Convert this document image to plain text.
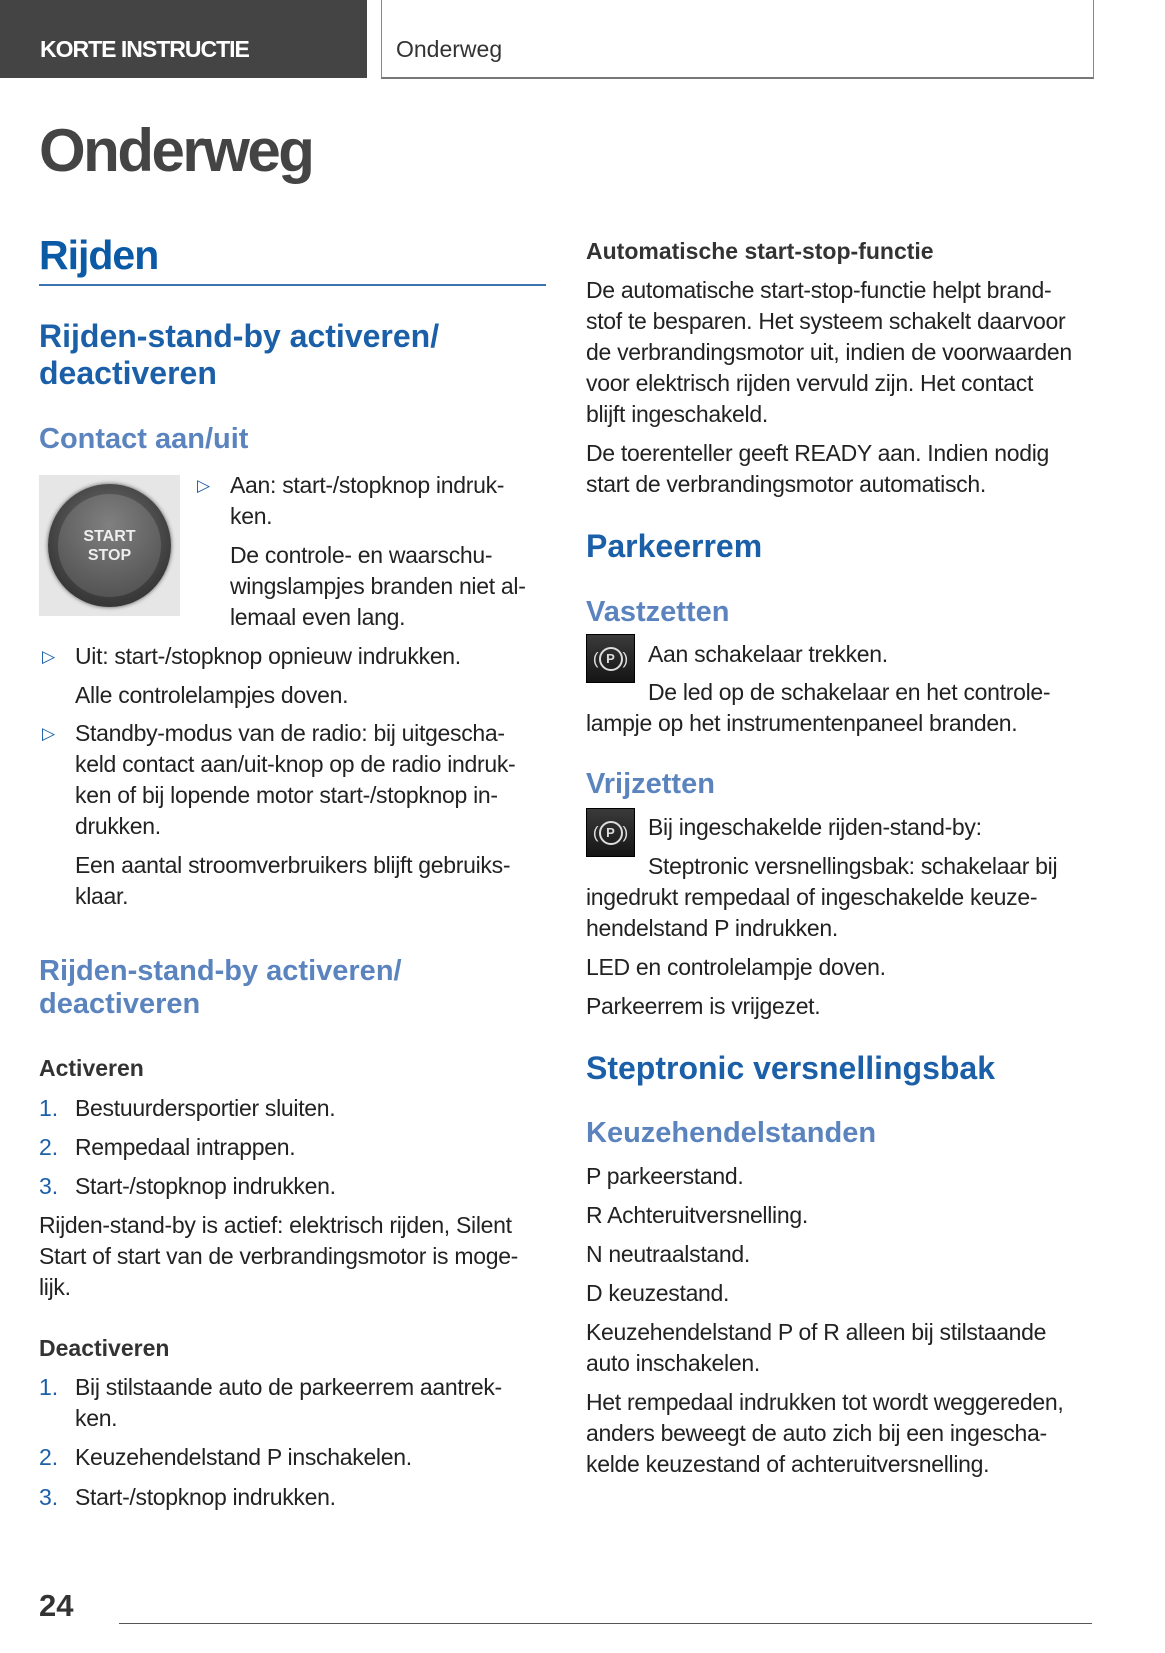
KORTE INSTRUCTIE	Onderweg
Onderweg
Rijden
Rijden-stand-by activeren/
deactiveren
Contact aan/uit
START
STOP
▷ Aan: start-/stopknop indruk-
ken.
De controle- en waarschu-
wingslampjes branden niet al-
lemaal even lang.
▷ Uit: start-/stopknop opnieuw indrukken.
Alle controlelampjes doven.
▷ Standby-modus van de radio: bij uitgescha-
keld contact aan/uit-knop op de radio indruk-
ken of bij lopende motor start-/stopknop in-
drukken.
Een aantal stroomverbruikers blijft gebruiks-
klaar.
Rijden-stand-by activeren/
deactiveren
Activeren
1. Bestuurdersportier sluiten.
2. Rempedaal intrappen.
3. Start-/stopknop indrukken.
Rijden-stand-by is actief: elektrisch rijden, Silent
Start of start van de verbrandingsmotor is moge-
lijk.
Deactiveren
1. Bij stilstaande auto de parkeerrem aantrek-
ken.
2. Keuzehendelstand P inschakelen.
3. Start-/stopknop indrukken.
Automatische start-stop-functie
De automatische start-stop-functie helpt brand-
stof te besparen. Het systeem schakelt daarvoor
de verbrandingsmotor uit, indien de voorwaarden
voor elektrisch rijden vervuld zijn. Het contact
blijft ingeschakeld.
De toerenteller geeft READY aan. Indien nodig
start de verbrandingsmotor automatisch.
Parkeerrem
Vastzetten
( P ) Aan schakelaar trekken.
De led op de schakelaar en het controle-
lampje op het instrumentenpaneel branden.
Vrijzetten
( P ) Bij ingeschakelde rijden-stand-by:
Steptronic versnellingsbak: schakelaar bij
ingedrukt rempedaal of ingeschakelde keuze-
hendelstand P indrukken.
LED en controlelampje doven.
Parkeerrem is vrijgezet.
Steptronic versnellingsbak
Keuzehendelstanden
P parkeerstand.
R Achteruitversnelling.
N neutraalstand.
D keuzestand.
Keuzehendelstand P of R alleen bij stilstaande
auto inschakelen.
Het rempedaal indrukken tot wordt weggereden,
anders beweegt de auto zich bij een ingescha-
kelde keuzestand of achteruitversnelling.
24
